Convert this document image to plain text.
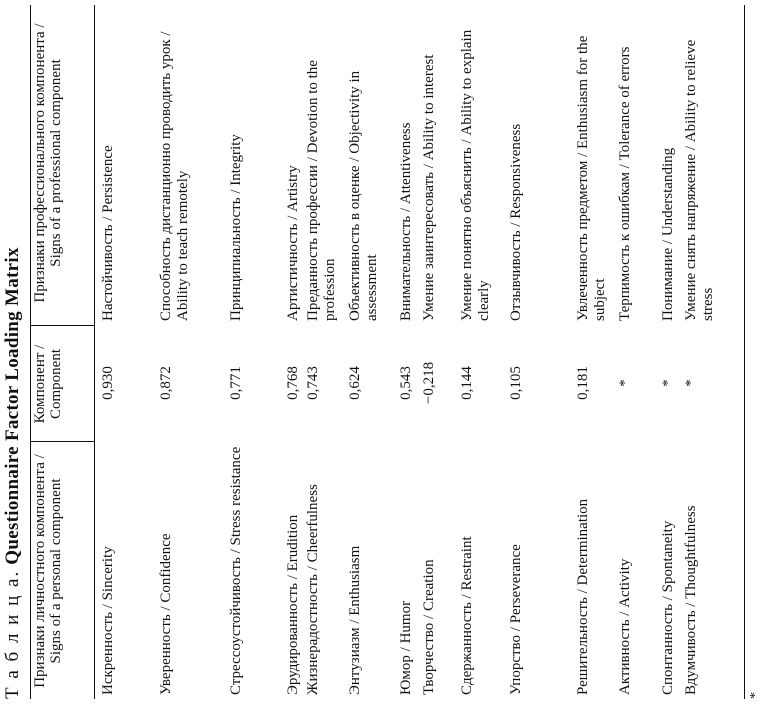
Т а б л и ц а. Questionnaire Factor Loading Matrix
Признаки личностного компонента / Signs of a personal component
Компонент / Component
Признаки профессионального компонента / Signs of a professional component
Искренность / Sincerity
0,930
Настойчивость / Persistence
Уверенность / Confidence
0,872
Способность дистанционно проводить урок / Ability to teach remotely
Стрессоустойчивость / Stress resistance
0,771
Принципиальность / Integrity
Эрудированность / Erudition
0,768
Артистичность / Artistry
Жизнерадостность / Cheerfulness
0,743
Преданность профессии / Devotion to the profession
Энтузиазм / Enthusiasm
0,624
Объективность в оценке / Objectivity in assessment
Юмор / Humor
0,543
Внимательность / Attentiveness
Творчество / Creation
−0,218
Умение заинтересовать / Ability to interest
Сдержанность / Restraint
0,144
Умение понятно объяснить / Ability to explain clearly
Упорство / Perseverance
0,105
Отзывчивость / Responsiveness
Решительность / Determination
0,181
Увлеченность предметом / Enthusiasm for the subject
Активность / Activity
*
Терпимость к ошибкам / Tolerance of errors
Спонтанность / Spontaneity
*
Понимание / Understanding
Вдумчивость / Thoughtfulness
*
Умение снять напряжение / Ability to relieve stress
*
